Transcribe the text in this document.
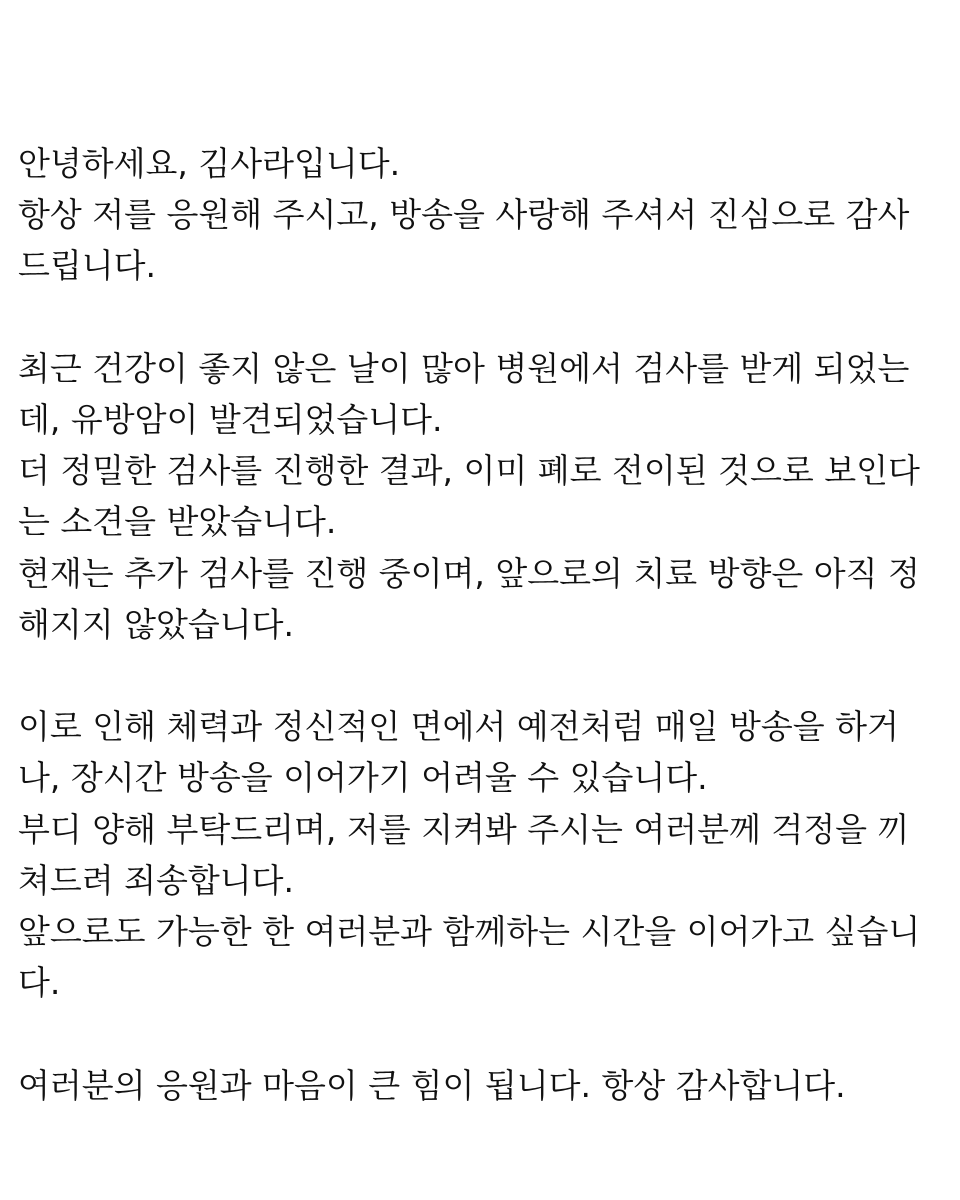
안녕하세요, 김사라입니다.
항상 저를 응원해 주시고, 방송을 사랑해 주셔서 진심으로 감사
드립니다.
최근 건강이 좋지 않은 날이 많아 병원에서 검사를 받게 되었는
데, 유방암이 발견되었습니다.
더 정밀한 검사를 진행한 결과, 이미 폐로 전이된 것으로 보인다
는 소견을 받았습니다.
현재는 추가 검사를 진행 중이며, 앞으로의 치료 방향은 아직 정
해지지 않았습니다.
이로 인해 체력과 정신적인 면에서 예전처럼 매일 방송을 하거
나, 장시간 방송을 이어가기 어려울 수 있습니다.
부디 양해 부탁드리며, 저를 지켜봐 주시는 여러분께 걱정을 끼
쳐드려 죄송합니다.
앞으로도 가능한 한 여러분과 함께하는 시간을 이어가고 싶습니
다.
여러분의 응원과 마음이 큰 힘이 됩니다. 항상 감사합니다.
